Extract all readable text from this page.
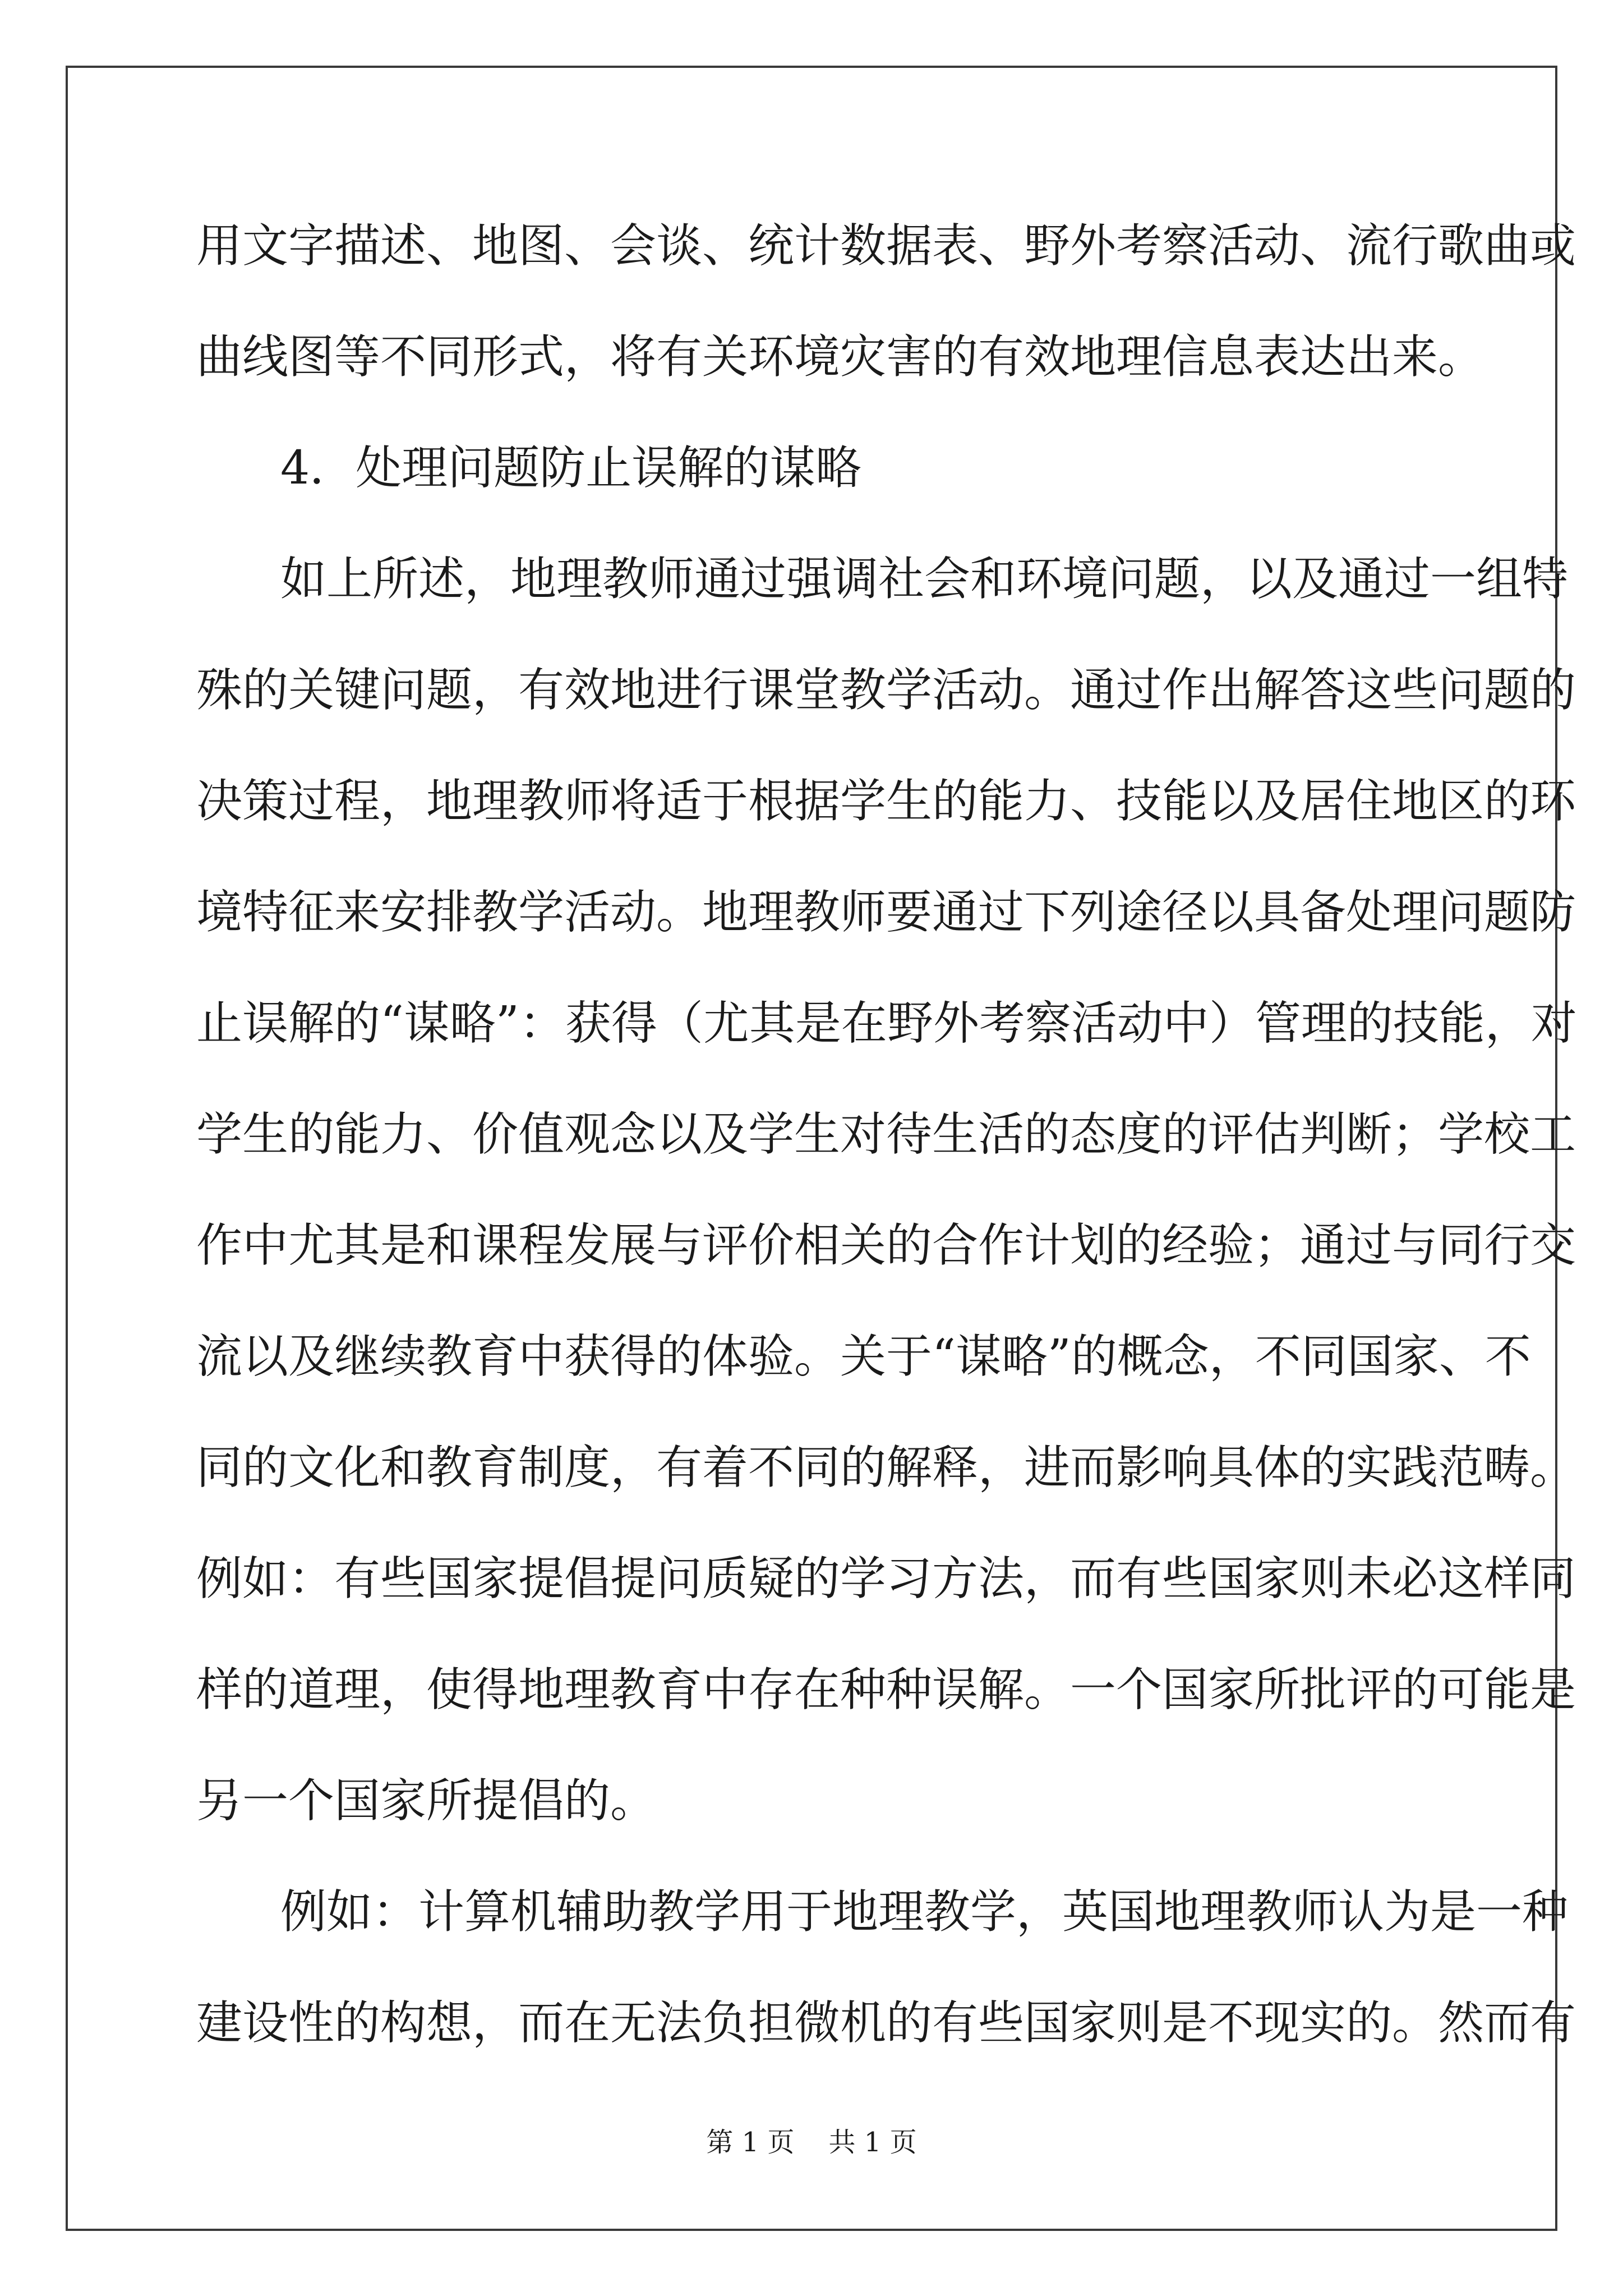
用文字描述、地图、会谈、统计数据表、野外考察活动、流行歌曲或
曲线图等不同形式，将有关环境灾害的有效地理信息表达出来。
4．处理问题防止误解的谋略
如上所述，地理教师通过强调社会和环境问题，以及通过一组特
殊的关键问题，有效地进行课堂教学活动。通过作出解答这些问题的
决策过程，地理教师将适于根据学生的能力、技能以及居住地区的环
境特征来安排教学活动。地理教师要通过下列途径以具备处理问题防
止误解的“谋略”：获得（尤其是在野外考察活动中）管理的技能，对
学生的能力、价值观念以及学生对待生活的态度的评估判断；学校工
作中尤其是和课程发展与评价相关的合作计划的经验；通过与同行交
流以及继续教育中获得的体验。关于“谋略”的概念，不同国家、不
同的文化和教育制度，有着不同的解释，进而影响具体的实践范畴。
例如：有些国家提倡提问质疑的学习方法，而有些国家则未必这样同
样的道理，使得地理教育中存在种种误解。一个国家所批评的可能是
另一个国家所提倡的。
例如：计算机辅助教学用于地理教学，英国地理教师认为是一种
建设性的构想，而在无法负担微机的有些国家则是不现实的。然而有
第 1 页    共 1 页
